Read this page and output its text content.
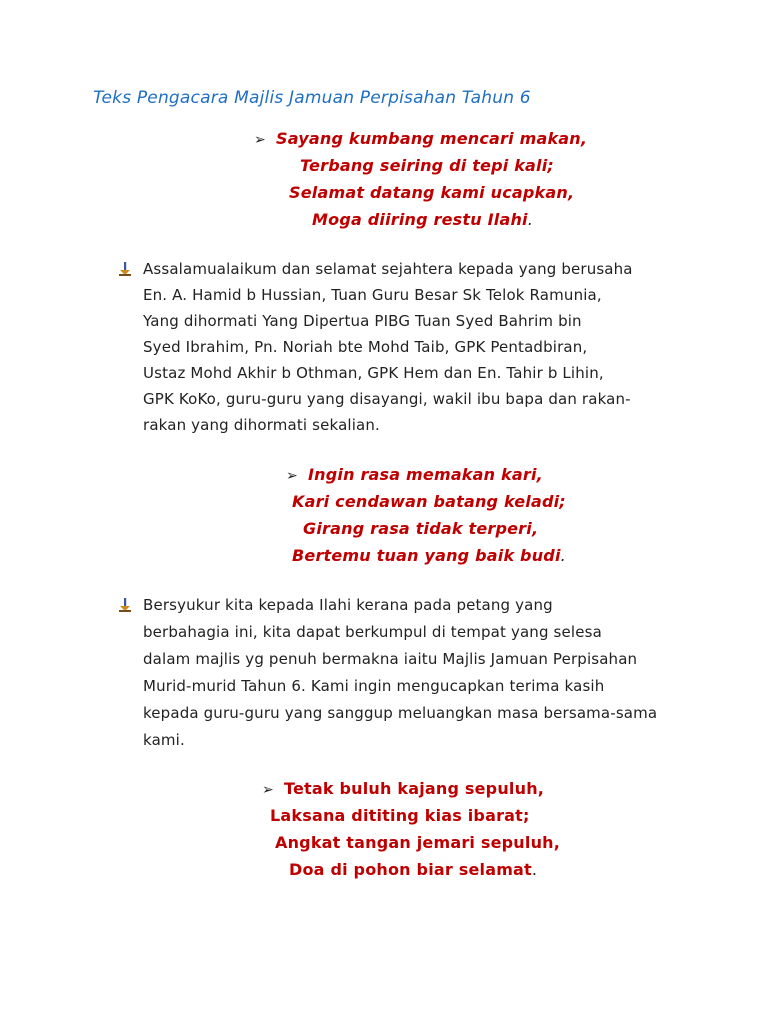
Teks Pengacara Majlis Jamuan Perpisahan Tahun 6
➢ Sayang kumbang mencari makan,
Terbang seiring di tepi kali;
Selamat datang kami ucapkan,
Moga diiring restu Ilahi.
Assalamualaikum dan selamat sejahtera kepada yang berusaha
En. A. Hamid b Hussian, Tuan Guru Besar Sk Telok Ramunia,
Yang dihormati Yang Dipertua PIBG Tuan Syed Bahrim bin
Syed Ibrahim, Pn. Noriah bte Mohd Taib, GPK Pentadbiran,
Ustaz Mohd Akhir b Othman, GPK Hem dan En. Tahir b Lihin,
GPK KoKo, guru-guru yang disayangi, wakil ibu bapa dan rakan-
rakan yang dihormati sekalian.
➢ Ingin rasa memakan kari,
Kari cendawan batang keladi;
Girang rasa tidak terperi,
Bertemu tuan yang baik budi.
Bersyukur kita kepada Ilahi kerana pada petang yang
berbahagia ini, kita dapat berkumpul di tempat yang selesa
dalam majlis yg penuh bermakna iaitu Majlis Jamuan Perpisahan
Murid-murid Tahun 6. Kami ingin mengucapkan terima kasih
kepada guru-guru yang sanggup meluangkan masa bersama-sama
kami.
➢ Tetak buluh kajang sepuluh,
Laksana dititing kias ibarat;
Angkat tangan jemari sepuluh,
Doa di pohon biar selamat.
